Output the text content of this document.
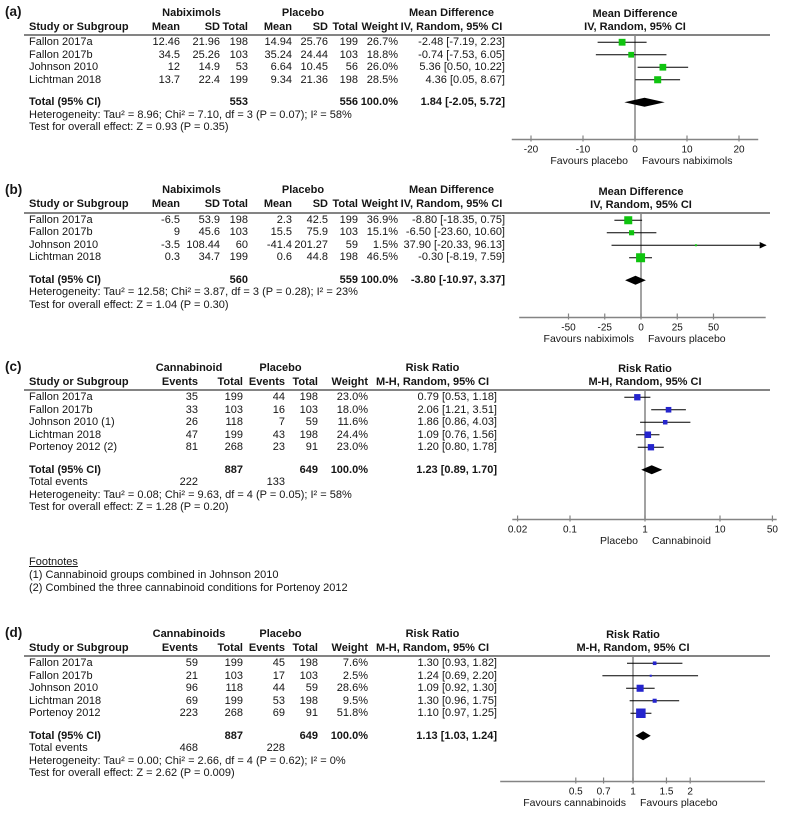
(a)
		Nabiximols			Placebo				Mean Difference
Study or Subgroup	Mean	SD	Total	Mean	SD	Total	Weight	IV, Random, 95% CI
Fallon 2017a	12.46	21.96	198	14.94	25.76	199	26.7%	-2.48 [-7.19, 2.23]
Fallon 2017b	34.5	25.26	103	35.24	24.44	103	18.8%	-0.74 [-7.53, 6.05]
Johnson 2010	12	14.9	53	6.64	10.45	56	26.0%	5.36 [0.50, 10.22]
Lichtman 2018	13.7	22.4	199	9.34	21.36	198	28.5%	4.36 [0.05, 8.67]

Total (95% CI)			553			556	100.0%	1.84 [-2.05, 5.72]
Heterogeneity: Tau² = 8.96; Chi² = 7.10, df = 3 (P = 0.07); I² = 58%								
Test for overall effect: Z = 0.93 (P = 0.35)								
Mean Difference
IV, Random, 95% CI
-20	-10	0	10	20
Favours placebo Favours nabiximols
(b)
		Nabiximols			Placebo				Mean Difference
Study or Subgroup	Mean	SD	Total	Mean	SD	Total	Weight	IV, Random, 95% CI
Fallon 2017a	-6.5	53.9	198	2.3	42.5	199	36.9%	-8.80 [-18.35, 0.75]
Fallon 2017b	9	45.6	103	15.5	75.9	103	15.1%	-6.50 [-23.60, 10.60]
Johnson 2010	-3.5	108.44	60	-41.4	201.27	59	1.5%	37.90 [-20.33, 96.13]
Lichtman 2018	0.3	34.7	199	0.6	44.8	198	46.5%	-0.30 [-8.19, 7.59]

Total (95% CI)			560			559	100.0%	-3.80 [-10.97, 3.37]
Heterogeneity: Tau² = 12.58; Chi² = 3.87, df = 3 (P = 0.28); I² = 23%								
Test for overall effect: Z = 1.04 (P = 0.30)								
Mean Difference
IV, Random, 95% CI
-50 -25	0	25	50
Favours nabiximols Favours placebo
(c)
		Cannabinoid		Placebo			Risk Ratio
Study or Subgroup	Events	Total	Events	Total	Weight	M-H, Random, 95% CI
Fallon 2017a	35	199	44	198	23.0%	0.79 [0.53, 1.18]
Fallon 2017b	33	103	16	103	18.0%	2.06 [1.21, 3.51]
Johnson 2010 (1)	26	118	7	59	11.6%	1.86 [0.86, 4.03]
Lichtman 2018	47	199	43	198	24.4%	1.09 [0.76, 1.56]
Portenoy 2012 (2)	81	268	23	91	23.0%	1.20 [0.80, 1.78]

Total (95% CI)		887		649	100.0%	1.23 [0.89, 1.70]
Total events	222		133			
Heterogeneity: Tau² = 0.08; Chi² = 9.63, df = 4 (P = 0.05); I² = 58%						
Test for overall effect: Z = 1.28 (P = 0.20)						
Footnotes
(1) Cannabinoid groups combined in Johnson 2010
(2) Combined the three cannabinoid conditions for Portenoy 2012
Risk Ratio
M-H, Random, 95% CI
0.02	0.1	1	10	50
Placebo Cannabinoid
(d)
		Cannabinoids		Placebo			Risk Ratio
Study or Subgroup	Events	Total	Events	Total	Weight	M-H, Random, 95% CI
Fallon 2017a	59	199	45	198	7.6%	1.30 [0.93, 1.82]
Fallon 2017b	21	103	17	103	2.5%	1.24 [0.69, 2.20]
Johnson 2010	96	118	44	59	28.6%	1.09 [0.92, 1.30]
Lichtman 2018	69	199	53	198	9.5%	1.30 [0.96, 1.75]
Portenoy 2012	223	268	69	91	51.8%	1.10 [0.97, 1.25]

Total (95% CI)		887		649	100.0%	1.13 [1.03, 1.24]
Total events	468		228			
Heterogeneity: Tau² = 0.00; Chi² = 2.66, df = 4 (P = 0.62); I² = 0%						
Test for overall effect: Z = 2.62 (P = 0.009)						
Risk Ratio
M-H, Random, 95% CI
0.5 0.7 1 1.5 2
Favours cannabinoids Favours placebo
